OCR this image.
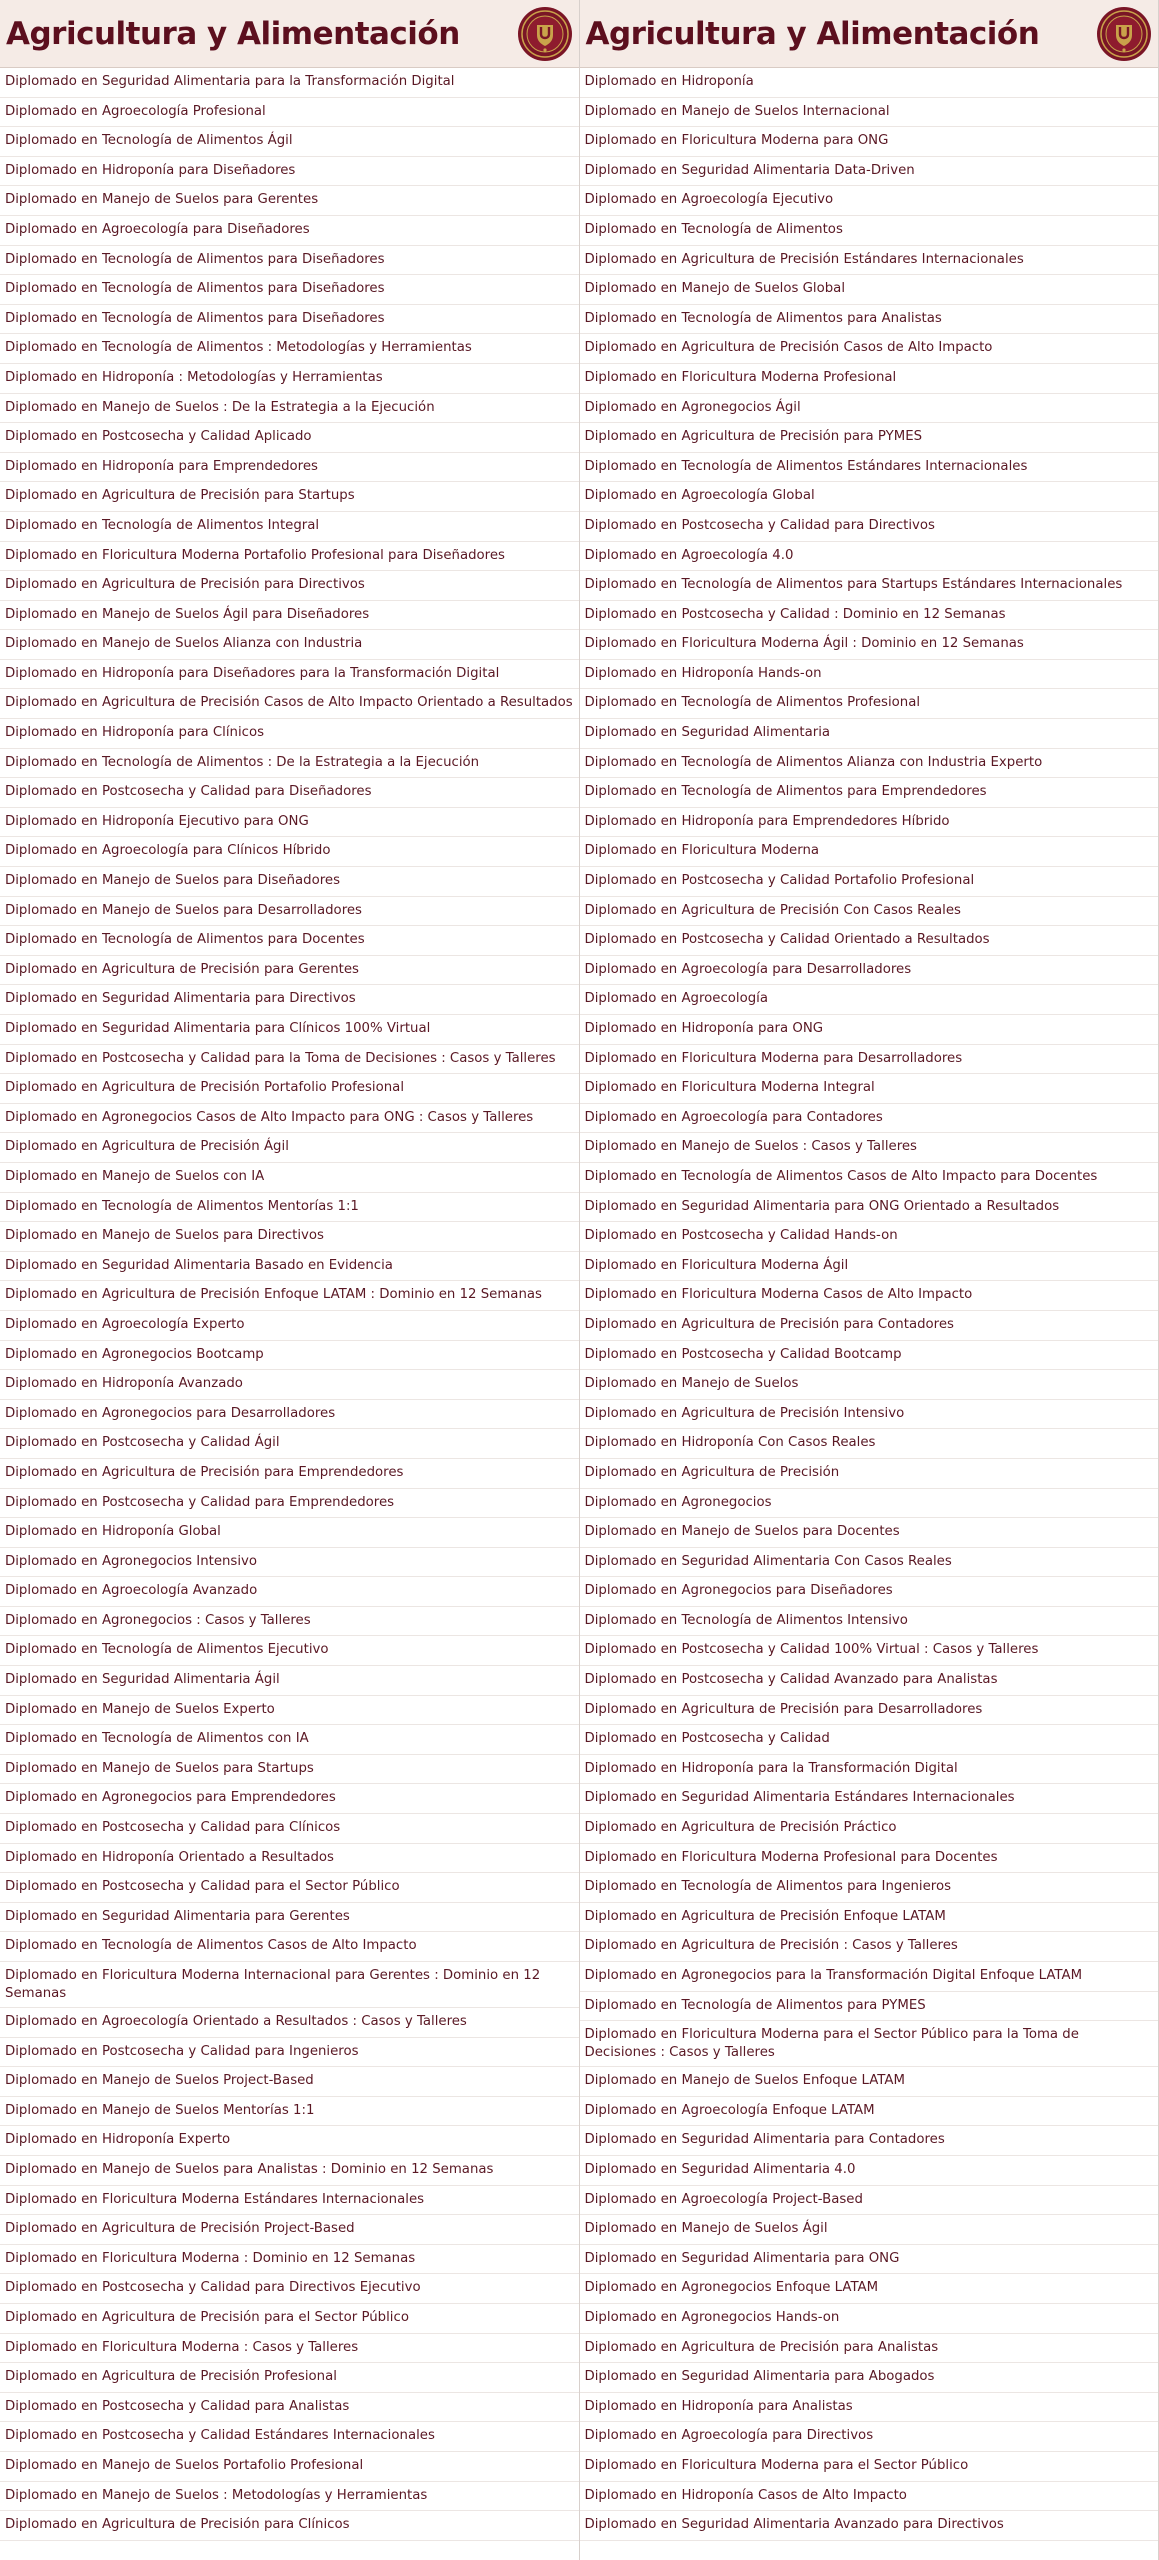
Agricultura y Alimentación
Diplomado en Seguridad Alimentaria para la Transformación Digital
Diplomado en Agroecología Profesional
Diplomado en Tecnología de Alimentos Ágil
Diplomado en Hidroponía para Diseñadores
Diplomado en Manejo de Suelos para Gerentes
Diplomado en Agroecología para Diseñadores
Diplomado en Tecnología de Alimentos para Diseñadores
Diplomado en Tecnología de Alimentos para Diseñadores
Diplomado en Tecnología de Alimentos para Diseñadores
Diplomado en Tecnología de Alimentos : Metodologías y Herramientas
Diplomado en Hidroponía : Metodologías y Herramientas
Diplomado en Manejo de Suelos : De la Estrategia a la Ejecución
Diplomado en Postcosecha y Calidad Aplicado
Diplomado en Hidroponía para Emprendedores
Diplomado en Agricultura de Precisión para Startups
Diplomado en Tecnología de Alimentos Integral
Diplomado en Floricultura Moderna Portafolio Profesional para Diseñadores
Diplomado en Agricultura de Precisión para Directivos
Diplomado en Manejo de Suelos Ágil para Diseñadores
Diplomado en Manejo de Suelos Alianza con Industria
Diplomado en Hidroponía para Diseñadores para la Transformación Digital
Diplomado en Agricultura de Precisión Casos de Alto Impacto Orientado a Resultados
Diplomado en Hidroponía para Clínicos
Diplomado en Tecnología de Alimentos : De la Estrategia a la Ejecución
Diplomado en Postcosecha y Calidad para Diseñadores
Diplomado en Hidroponía Ejecutivo para ONG
Diplomado en Agroecología para Clínicos Híbrido
Diplomado en Manejo de Suelos para Diseñadores
Diplomado en Manejo de Suelos para Desarrolladores
Diplomado en Tecnología de Alimentos para Docentes
Diplomado en Agricultura de Precisión para Gerentes
Diplomado en Seguridad Alimentaria para Directivos
Diplomado en Seguridad Alimentaria para Clínicos 100% Virtual
Diplomado en Postcosecha y Calidad para la Toma de Decisiones : Casos y Talleres
Diplomado en Agricultura de Precisión Portafolio Profesional
Diplomado en Agronegocios Casos de Alto Impacto para ONG : Casos y Talleres
Diplomado en Agricultura de Precisión Ágil
Diplomado en Manejo de Suelos con IA
Diplomado en Tecnología de Alimentos Mentorías 1:1
Diplomado en Manejo de Suelos para Directivos
Diplomado en Seguridad Alimentaria Basado en Evidencia
Diplomado en Agricultura de Precisión Enfoque LATAM : Dominio en 12 Semanas
Diplomado en Agroecología Experto
Diplomado en Agronegocios Bootcamp
Diplomado en Hidroponía Avanzado
Diplomado en Agronegocios para Desarrolladores
Diplomado en Postcosecha y Calidad Ágil
Diplomado en Agricultura de Precisión para Emprendedores
Diplomado en Postcosecha y Calidad para Emprendedores
Diplomado en Hidroponía Global
Diplomado en Agronegocios Intensivo
Diplomado en Agroecología Avanzado
Diplomado en Agronegocios : Casos y Talleres
Diplomado en Tecnología de Alimentos Ejecutivo
Diplomado en Seguridad Alimentaria Ágil
Diplomado en Manejo de Suelos Experto
Diplomado en Tecnología de Alimentos con IA
Diplomado en Manejo de Suelos para Startups
Diplomado en Agronegocios para Emprendedores
Diplomado en Postcosecha y Calidad para Clínicos
Diplomado en Hidroponía Orientado a Resultados
Diplomado en Postcosecha y Calidad para el Sector Público
Diplomado en Seguridad Alimentaria para Gerentes
Diplomado en Tecnología de Alimentos Casos de Alto Impacto
Diplomado en Floricultura Moderna Internacional para Gerentes : Dominio en 12 Semanas
Diplomado en Agroecología Orientado a Resultados : Casos y Talleres
Diplomado en Postcosecha y Calidad para Ingenieros
Diplomado en Manejo de Suelos Project-Based
Diplomado en Manejo de Suelos Mentorías 1:1
Diplomado en Hidroponía Experto
Diplomado en Manejo de Suelos para Analistas : Dominio en 12 Semanas
Diplomado en Floricultura Moderna Estándares Internacionales
Diplomado en Agricultura de Precisión Project-Based
Diplomado en Floricultura Moderna : Dominio en 12 Semanas
Diplomado en Postcosecha y Calidad para Directivos Ejecutivo
Diplomado en Agricultura de Precisión para el Sector Público
Diplomado en Floricultura Moderna : Casos y Talleres
Diplomado en Agricultura de Precisión Profesional
Diplomado en Postcosecha y Calidad para Analistas
Diplomado en Postcosecha y Calidad Estándares Internacionales
Diplomado en Manejo de Suelos Portafolio Profesional
Diplomado en Manejo de Suelos : Metodologías y Herramientas
Diplomado en Agricultura de Precisión para Clínicos
Agricultura y Alimentación
Diplomado en Hidroponía
Diplomado en Manejo de Suelos Internacional
Diplomado en Floricultura Moderna para ONG
Diplomado en Seguridad Alimentaria Data-Driven
Diplomado en Agroecología Ejecutivo
Diplomado en Tecnología de Alimentos
Diplomado en Agricultura de Precisión Estándares Internacionales
Diplomado en Manejo de Suelos Global
Diplomado en Tecnología de Alimentos para Analistas
Diplomado en Agricultura de Precisión Casos de Alto Impacto
Diplomado en Floricultura Moderna Profesional
Diplomado en Agronegocios Ágil
Diplomado en Agricultura de Precisión para PYMES
Diplomado en Tecnología de Alimentos Estándares Internacionales
Diplomado en Agroecología Global
Diplomado en Postcosecha y Calidad para Directivos
Diplomado en Agroecología 4.0
Diplomado en Tecnología de Alimentos para Startups Estándares Internacionales
Diplomado en Postcosecha y Calidad : Dominio en 12 Semanas
Diplomado en Floricultura Moderna Ágil : Dominio en 12 Semanas
Diplomado en Hidroponía Hands-on
Diplomado en Tecnología de Alimentos Profesional
Diplomado en Seguridad Alimentaria
Diplomado en Tecnología de Alimentos Alianza con Industria Experto
Diplomado en Tecnología de Alimentos para Emprendedores
Diplomado en Hidroponía para Emprendedores Híbrido
Diplomado en Floricultura Moderna
Diplomado en Postcosecha y Calidad Portafolio Profesional
Diplomado en Agricultura de Precisión Con Casos Reales
Diplomado en Postcosecha y Calidad Orientado a Resultados
Diplomado en Agroecología para Desarrolladores
Diplomado en Agroecología
Diplomado en Hidroponía para ONG
Diplomado en Floricultura Moderna para Desarrolladores
Diplomado en Floricultura Moderna Integral
Diplomado en Agroecología para Contadores
Diplomado en Manejo de Suelos : Casos y Talleres
Diplomado en Tecnología de Alimentos Casos de Alto Impacto para Docentes
Diplomado en Seguridad Alimentaria para ONG Orientado a Resultados
Diplomado en Postcosecha y Calidad Hands-on
Diplomado en Floricultura Moderna Ágil
Diplomado en Floricultura Moderna Casos de Alto Impacto
Diplomado en Agricultura de Precisión para Contadores
Diplomado en Postcosecha y Calidad Bootcamp
Diplomado en Manejo de Suelos
Diplomado en Agricultura de Precisión Intensivo
Diplomado en Hidroponía Con Casos Reales
Diplomado en Agricultura de Precisión
Diplomado en Agronegocios
Diplomado en Manejo de Suelos para Docentes
Diplomado en Seguridad Alimentaria Con Casos Reales
Diplomado en Agronegocios para Diseñadores
Diplomado en Tecnología de Alimentos Intensivo
Diplomado en Postcosecha y Calidad 100% Virtual : Casos y Talleres
Diplomado en Postcosecha y Calidad Avanzado para Analistas
Diplomado en Agricultura de Precisión para Desarrolladores
Diplomado en Postcosecha y Calidad
Diplomado en Hidroponía para la Transformación Digital
Diplomado en Seguridad Alimentaria Estándares Internacionales
Diplomado en Agricultura de Precisión Práctico
Diplomado en Floricultura Moderna Profesional para Docentes
Diplomado en Tecnología de Alimentos para Ingenieros
Diplomado en Agricultura de Precisión Enfoque LATAM
Diplomado en Agricultura de Precisión : Casos y Talleres
Diplomado en Agronegocios para la Transformación Digital Enfoque LATAM
Diplomado en Tecnología de Alimentos para PYMES
Diplomado en Floricultura Moderna para el Sector Público para la Toma de Decisiones : Casos y Talleres
Diplomado en Manejo de Suelos Enfoque LATAM
Diplomado en Agroecología Enfoque LATAM
Diplomado en Seguridad Alimentaria para Contadores
Diplomado en Seguridad Alimentaria 4.0
Diplomado en Agroecología Project-Based
Diplomado en Manejo de Suelos Ágil
Diplomado en Seguridad Alimentaria para ONG
Diplomado en Agronegocios Enfoque LATAM
Diplomado en Agronegocios Hands-on
Diplomado en Agricultura de Precisión para Analistas
Diplomado en Seguridad Alimentaria para Abogados
Diplomado en Hidroponía para Analistas
Diplomado en Agroecología para Directivos
Diplomado en Floricultura Moderna para el Sector Público
Diplomado en Hidroponía Casos de Alto Impacto
Diplomado en Seguridad Alimentaria Avanzado para Directivos
